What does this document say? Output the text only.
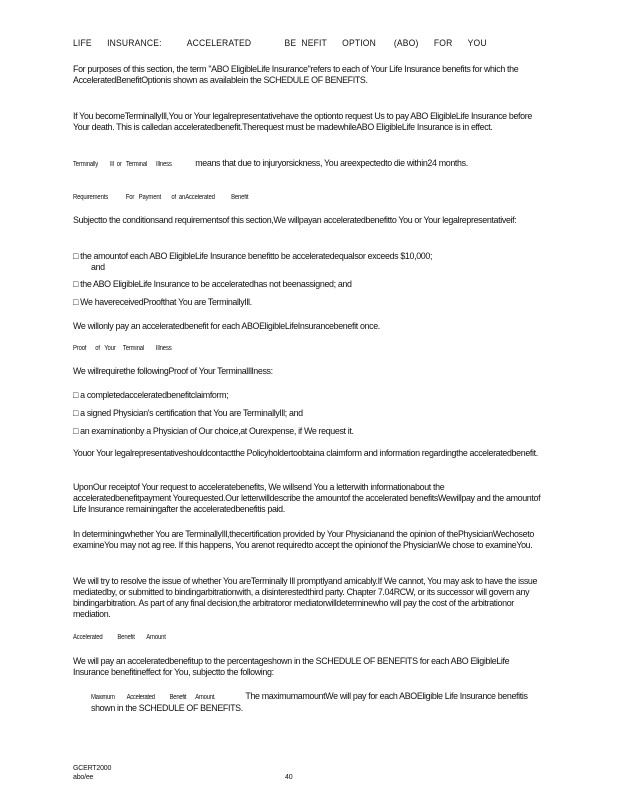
LIFE      INSURANCE:          ACCELERATED             BE  NEFIT      OPTION       (ABO)      FOR      YOU
For purposes of this section, the term "ABO EligibleLife Insurance"refers to each of Your Life Insurance benefits for which the AcceleratedBenefitOptionis shown as availablein the SCHEDULE OF BENEFITS.
If You becomeTerminallyIll,You or Your legalrepresentativehave the optionto request Us to pay ABO EligibleLife Insurance before Your death. This is calledan acceleratedbenefit.Therequest must be madewhileABO EligibleLife Insurance is in effect.
Terminally        Ill  or   Terminal      Illness	means that due to injuryorsickness, You areexpectedto die within24 months.
Requirements            For   Payment       of  anAccelerated           Benefit
Subjectto the conditionsand requirementsof this section,We willpayan acceleratedbenefitto You or Your legalrepresentativeif:
□ the amountof each ABO EligibleLife Insurance benefitto be acceleratedequalsor exceeds $10,000;
and
□ the ABO EligibleLife Insurance to be acceleratedhas not beenassigned; and
□ We havereceivedProofthat You are TerminallyIll.
We willonly pay an acceleratedbenefit for each ABOEligibleLifeInsurancebenefit once.
Proof      of   Your     Terminal        Illness
We willrequirethe followingProof of Your TerminalIllness:
□ a completedacceleratedbenefitclaimform;
□ a signed Physician's certification that You are TerminallyIll; and
□ an examinationby a Physician of Our choice,at Ourexpense, if We request it.
Youor Your legalrepresentativeshouldcontactthe Policyholdertoobtaina claimform and information regardingthe acceleratedbenefit.
UponOur receiptof Your request to acceleratebenefits, We willsend You a letterwith informationabout the acceleratedbenefitpayment Yourequested.Our letterwilldescribe the amountof the accelerated benefitsWewillpay and the amountof Life Insurance remainingafter the acceleratedbenefitis paid.
In determiningwhether You are TerminallyIll,thecertification provided by Your Physicianand the opinion of thePhysicianWechoseto examineYou may not ag ree. If this happens, You arenot requiredto accept the opinionof the PhysicianWe chose to examineYou.
We will try to resolve the issue of whether You areTerminally Ill promptlyand amicably.If We cannot, You may ask to have the issue mediatedby, or submitted to bindingarbitrationwith, a disinterestedthird party. Chapter 7.04RCW, or its successor will govern any bindingarbitration. As part of any final decision,the arbitratoror mediatorwilldeterminewho will pay the cost of the arbitrationor mediation.
Accelerated          Benefit        Amount
We will pay an acceleratedbenefitup to the percentageshown in the SCHEDULE OF BENEFITS for each ABO EligibleLife Insurance benefitineffect for You, subjectto the following:
Maximum         Accelerated           Benefit       Amount.	The maximumamountWe will pay for each ABOEligible Life Insurance benefitis shown in the SCHEDULE OF BENEFITS.
GCERT2000
abo/ee	40
